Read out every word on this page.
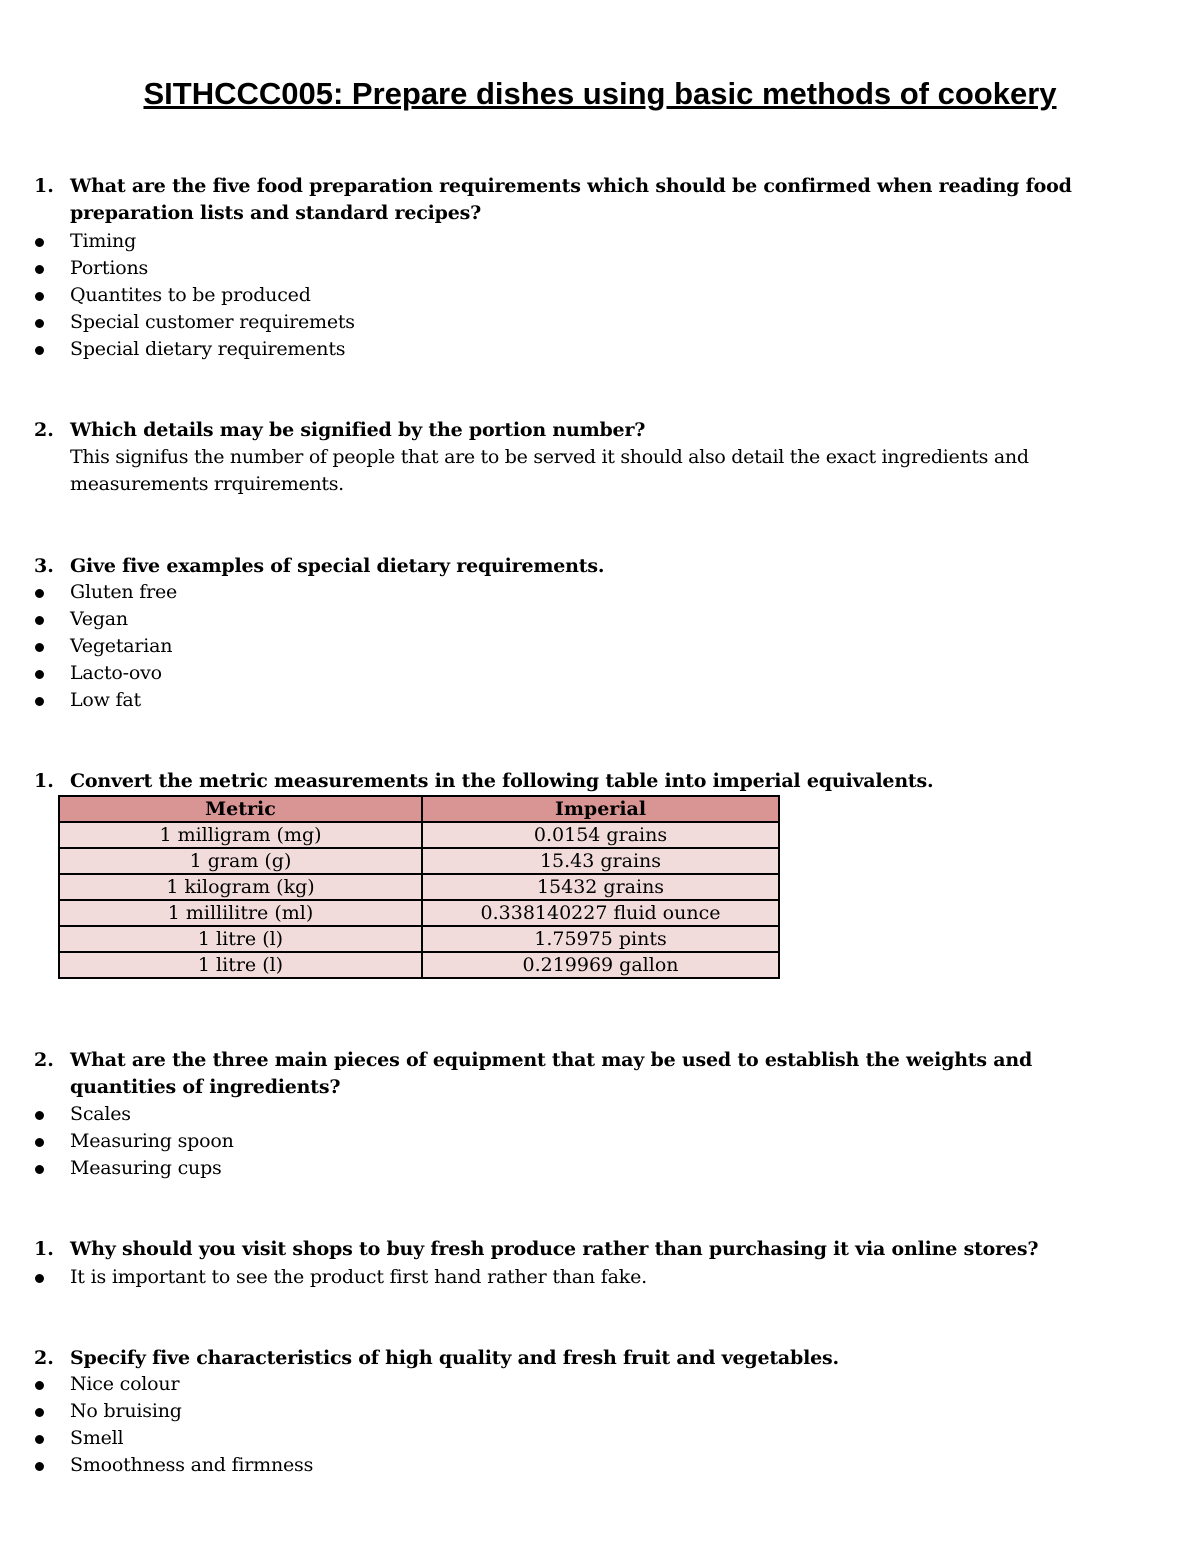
SITHCCC005: Prepare dishes using basic methods of cookery
1. What are the five food preparation requirements which should be confirmed when reading food preparation lists and standard recipes?
Timing
Portions
Quantites to be produced
Special customer requiremets
Special dietary requirements
2. Which details may be signified by the portion number?
This signifus the number of people that are to be served it should also detail the exact ingredients and measurements rrquirements.
3. Give five examples of special dietary requirements.
Gluten free
Vegan
Vegetarian
Lacto-ovo
Low fat
1. Convert the metric measurements in the following table into imperial equivalents.
Metric	Imperial
1 milligram (mg)	0.0154 grains
1 gram (g)	15.43 grains
1 kilogram (kg)	15432 grains
1 millilitre (ml)	0.338140227 fluid ounce
1 litre (l)	1.75975 pints
1 litre (l)	0.219969 gallon
2. What are the three main pieces of equipment that may be used to establish the weights and quantities of ingredients?
Scales
Measuring spoon
Measuring cups
1. Why should you visit shops to buy fresh produce rather than purchasing it via online stores?
It is important to see the product first hand rather than fake.
2. Specify five characteristics of high quality and fresh fruit and vegetables.
Nice colour
No bruising
Smell
Smoothness and firmness
